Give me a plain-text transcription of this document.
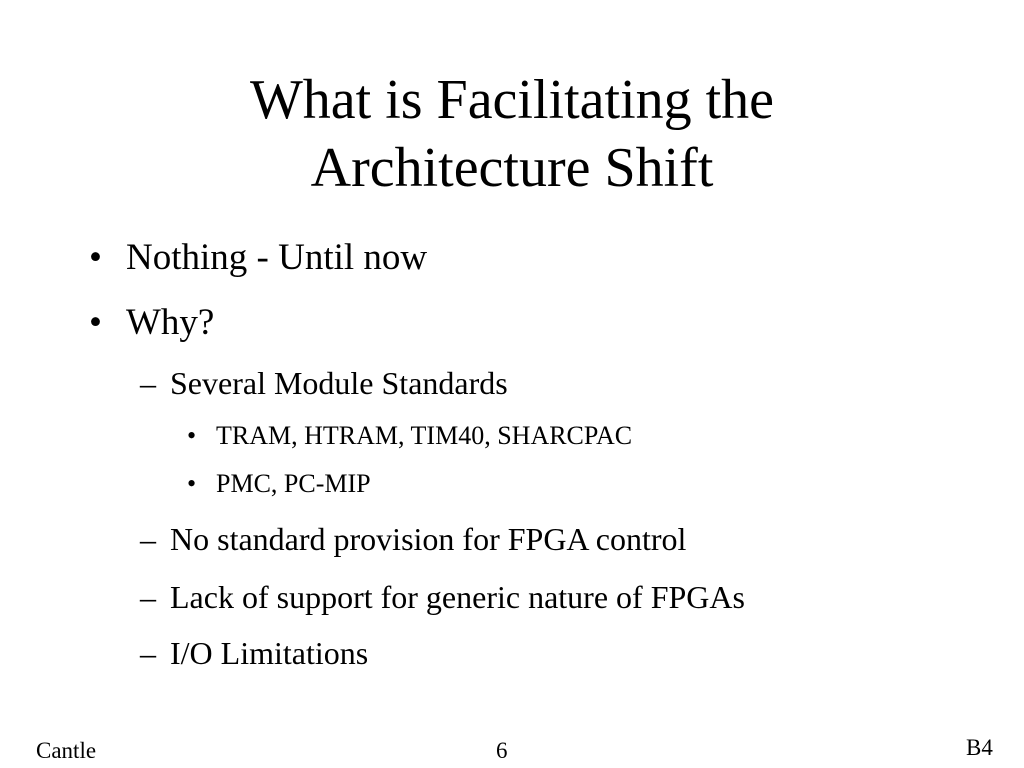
What is Facilitating the
Architecture Shift
• Nothing - Until now
• Why?
– Several Module Standards
• TRAM, HTRAM, TIM40, SHARCPAC
• PMC, PC-MIP
– No standard provision for FPGA control
– Lack of support for generic nature of FPGAs
– I/O Limitations
Cantle	6	B4
